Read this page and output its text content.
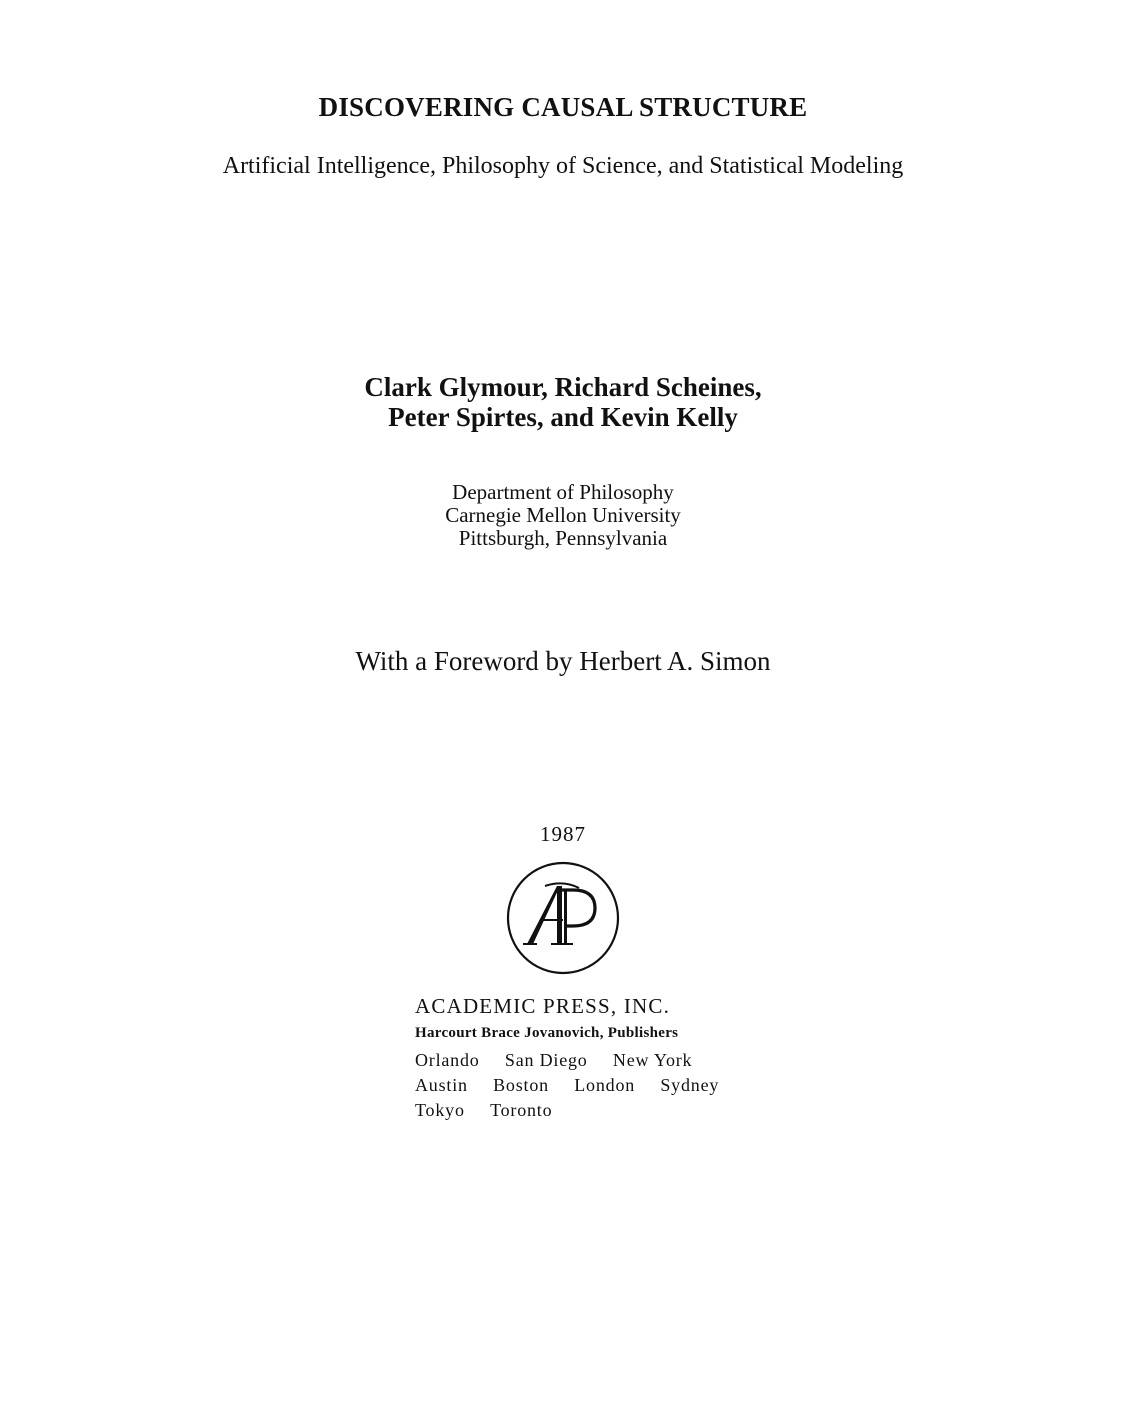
DISCOVERING CAUSAL STRUCTURE
Artificial Intelligence, Philosophy of Science, and Statistical Modeling
Clark Glymour, Richard Scheines,
Peter Spirtes, and Kevin Kelly
Department of Philosophy
Carnegie Mellon University
Pittsburgh, Pennsylvania
With a Foreword by Herbert A. Simon
1987
ACADEMIC PRESS, INC.
Harcourt Brace Jovanovich, Publishers
Orlando San Diego New York
Austin Boston London Sydney
Tokyo Toronto
